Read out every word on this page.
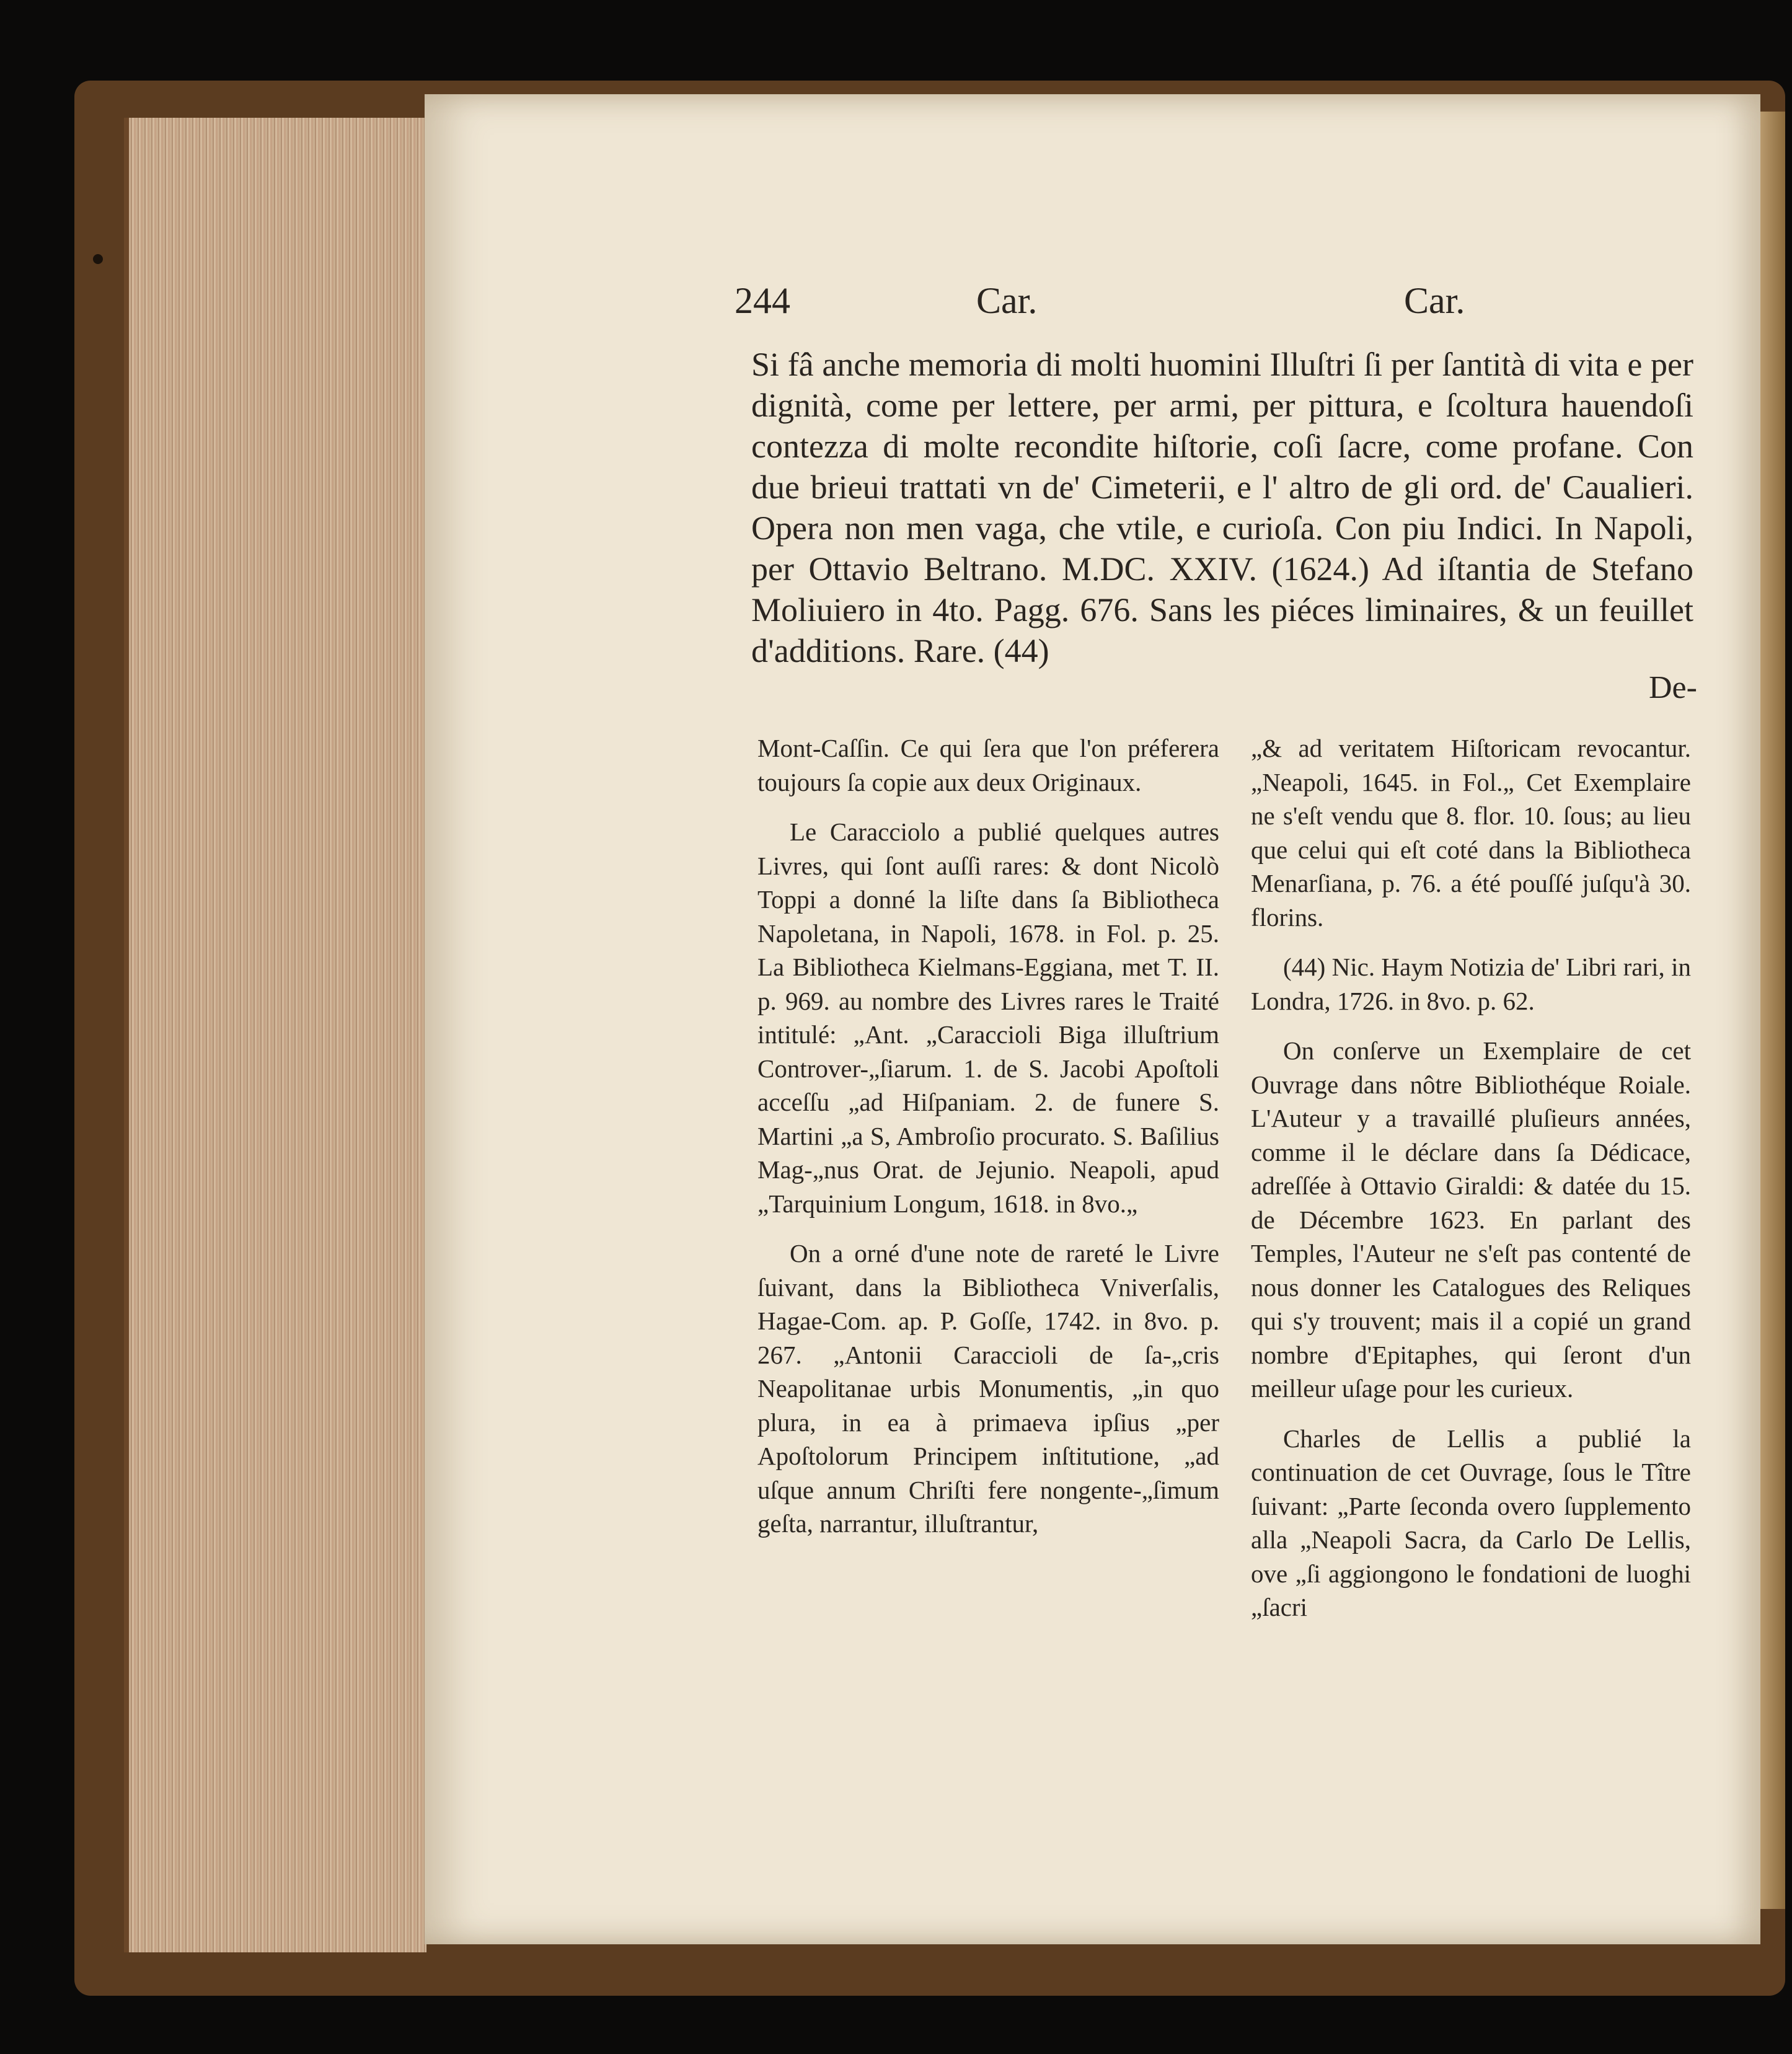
244	Car.	Car.

Si fâ anche memoria di molti huomini Illuſtri ſi per ſantità di vita e per dignità, come per lettere, per armi, per pittura, e ſcoltura hauendoſi contezza di molte recondite hiſtorie, coſi ſacre, come profane. Con due brieui trattati vn de' Cimeterii, e l' altro de gli ord. de' Caualieri. Opera non men vaga, che vtile, e curioſa. Con piu Indici. In Napoli, per Ottavio Beltrano. M.DC. XXIV. (1624.) Ad iſtantia de Stefano Moliuiero in 4to. Pagg. 676. Sans les piéces liminaires, & un feuillet d'additions. Rare. (44)

De-

Mont-Caſſin. Ce qui ſera que l'on préferera toujours ſa copie aux deux Originaux.

Le Caracciolo a publié quelques autres Livres, qui ſont auſſi rares: & dont Nicolò Toppi a donné la liſte dans ſa Bibliotheca Napoletana, in Napoli, 1678. in Fol. p. 25. La Bibliotheca Kielmans-Eggiana, met T. II. p. 969. au nombre des Livres rares le Traité intitulé: „Ant. „Caraccioli Biga illuſtrium Controver-„ſiarum. 1. de S. Jacobi Apoſtoli acceſſu „ad Hiſpaniam. 2. de funere S. Martini „a S, Ambroſio procurato. S. Baſilius Mag-„nus Orat. de Jejunio. Neapoli, apud „Tarquinium Longum, 1618. in 8vo.„

On a orné d'une note de rareté le Livre ſuivant, dans la Bibliotheca Vniverſalis, Hagae-Com. ap. P. Goſſe, 1742. in 8vo. p. 267. „Antonii Caraccioli de ſa-„cris Neapolitanae urbis Monumentis, „in quo plura, in ea à primaeva ipſius „per Apoſtolorum Principem inſtitutione, „ad uſque annum Chriſti fere nongente-„ſimum geſta, narrantur, illuſtrantur,

„& ad veritatem Hiſtoricam revocantur. „Neapoli, 1645. in Fol.„ Cet Exemplaire ne s'eſt vendu que 8. flor. 10. ſous; au lieu que celui qui eſt coté dans la Bibliotheca Menarſiana, p. 76. a été pouſſé juſqu'à 30. florins.

(44) Nic. Haym Notizia de' Libri rari, in Londra, 1726. in 8vo. p. 62.

On conſerve un Exemplaire de cet Ouvrage dans nôtre Bibliothéque Roiale. L'Auteur y a travaillé pluſieurs années, comme il le déclare dans ſa Dédicace, adreſſée à Ottavio Giraldi: & datée du 15. de Décembre 1623. En parlant des Temples, l'Auteur ne s'eſt pas contenté de nous donner les Catalogues des Reliques qui s'y trouvent; mais il a copié un grand nombre d'Epitaphes, qui ſeront d'un meilleur uſage pour les curieux.

Charles de Lellis a publié la continuation de cet Ouvrage, ſous le Tître ſuivant: „Parte ſeconda overo ſupplemento alla „Neapoli Sacra, da Carlo De Lellis, ove „ſi aggiongono le fondationi de luoghi „ſacri
